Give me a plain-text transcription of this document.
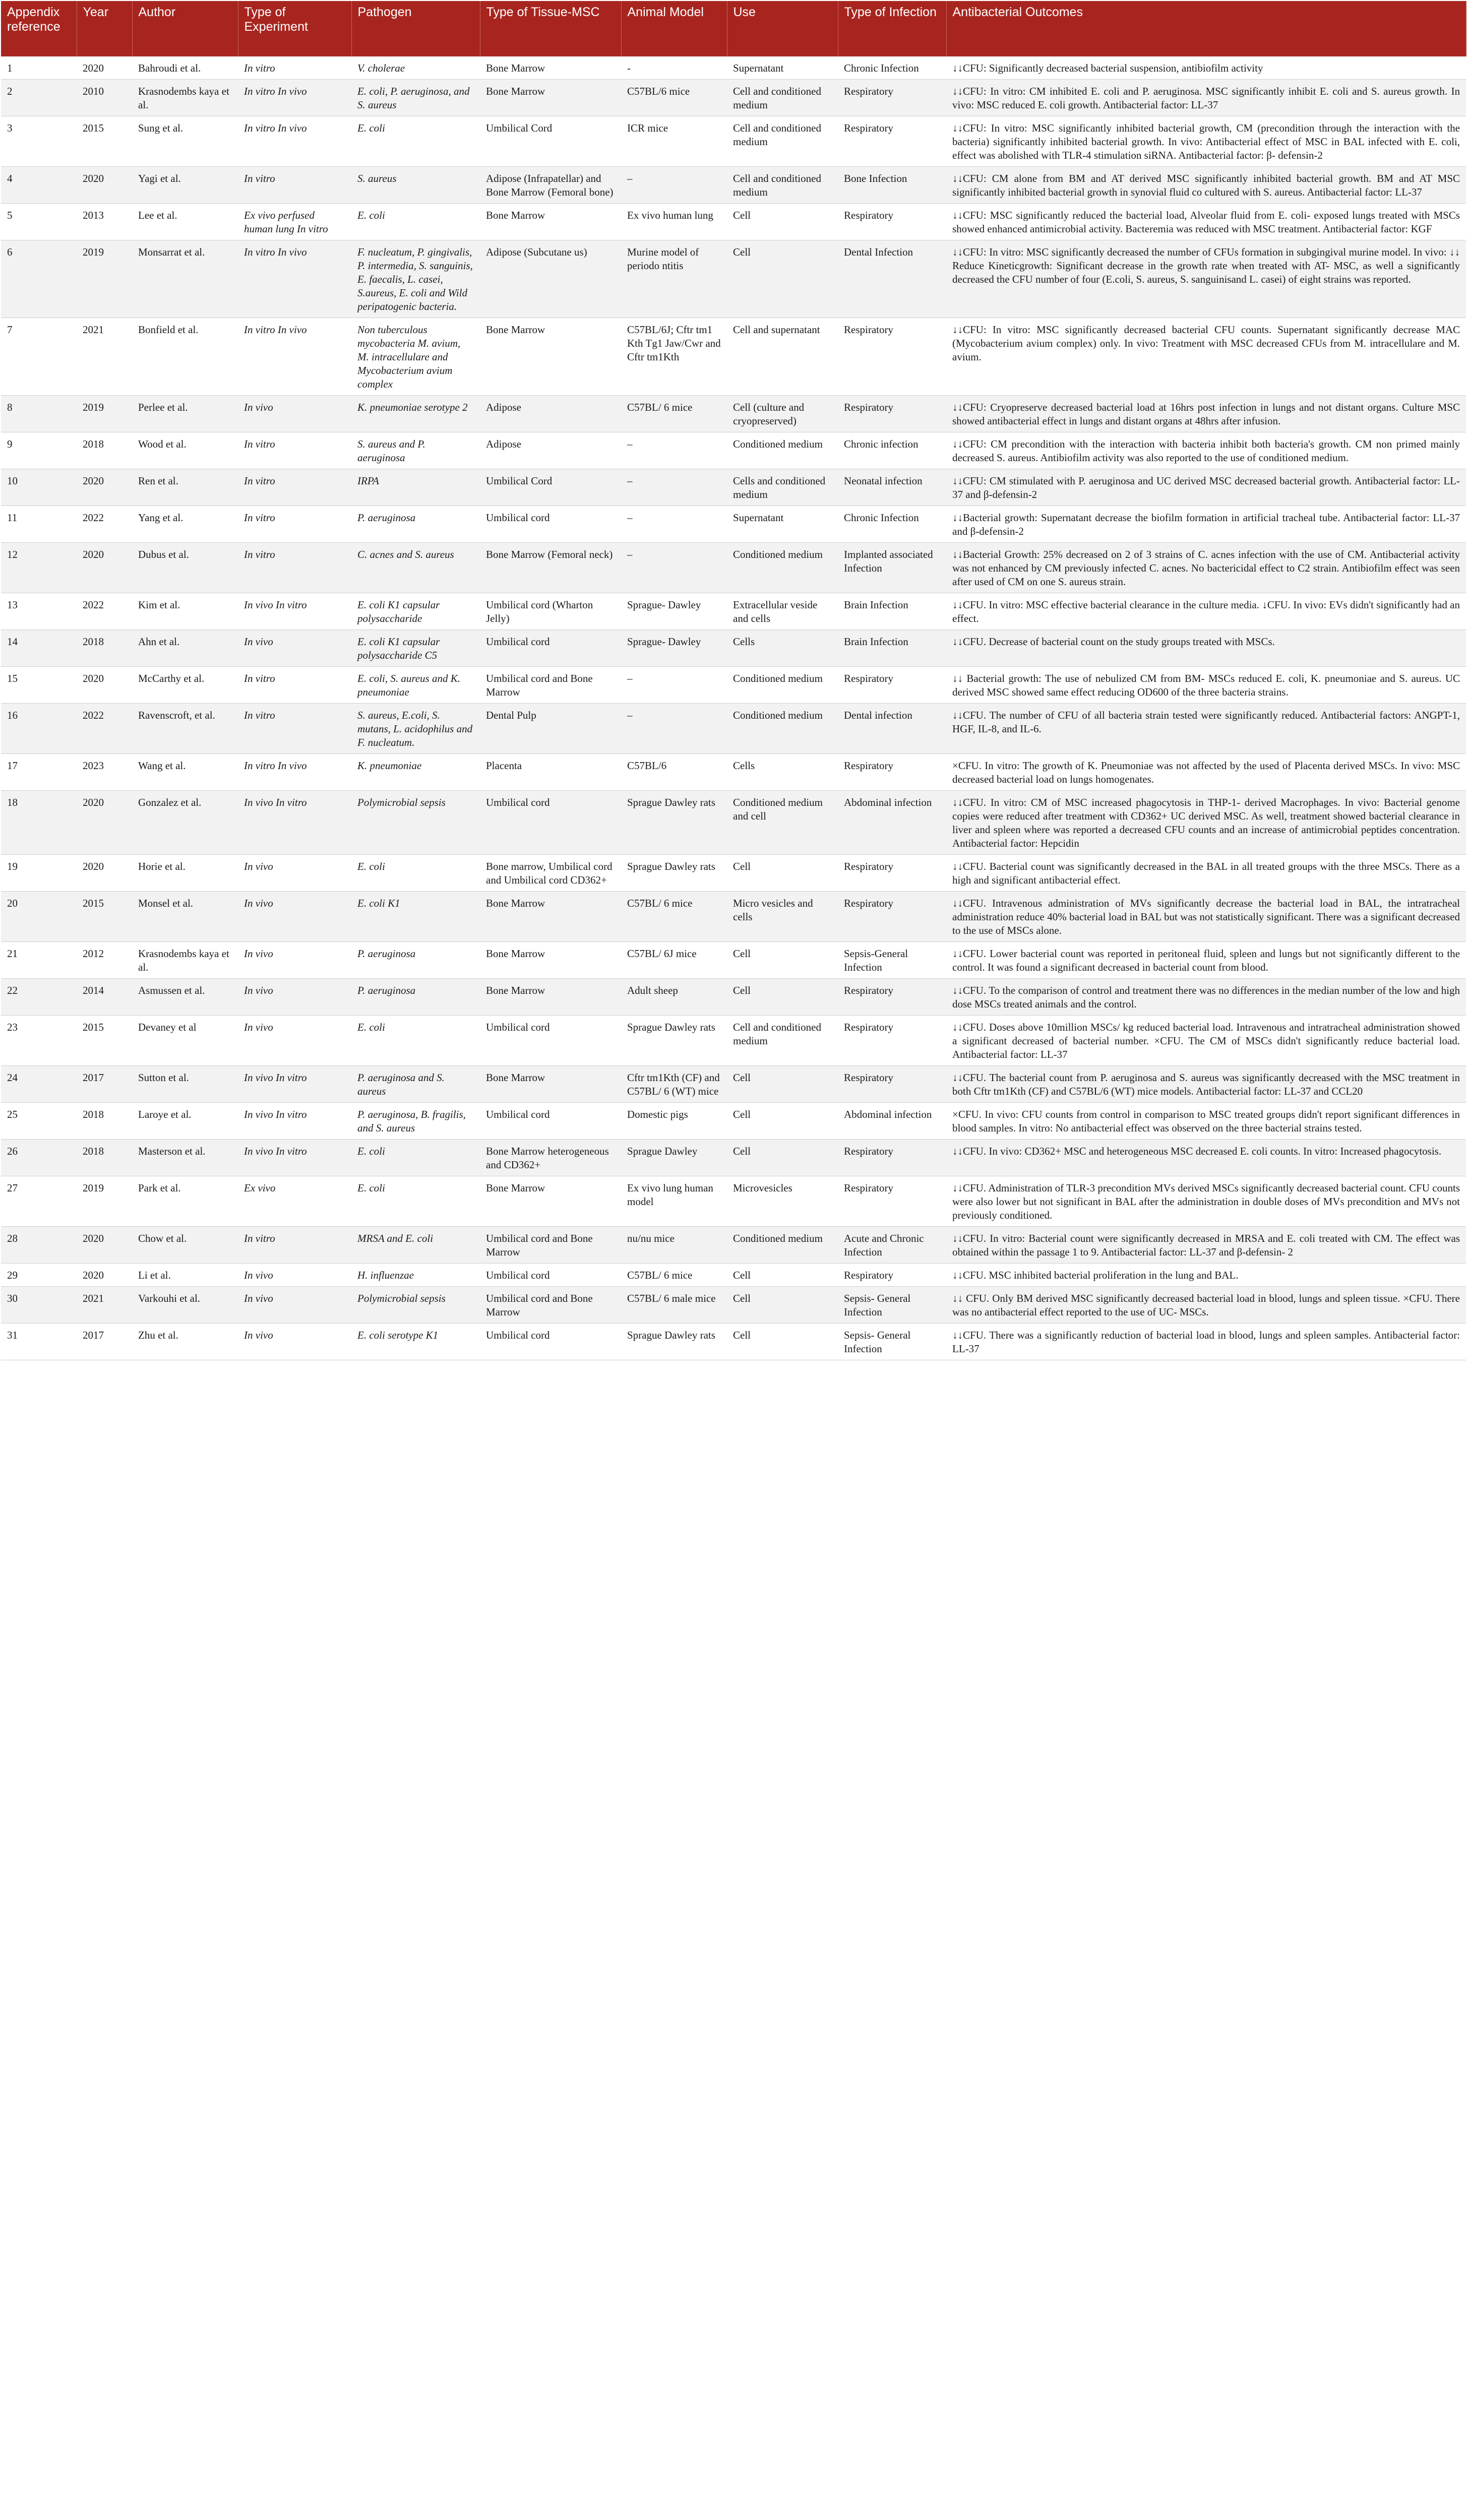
Appendix reference	Year	Author	Type of Experiment	Pathogen	Type of Tissue-MSC	Animal Model	Use	Type of Infection	Antibacterial Outcomes
1	2020	Bahroudi et al.	In vitro	V. cholerae	Bone Marrow	-	Supernatant	Chronic Infection	↓↓CFU: Significantly decreased bacterial suspension, antibiofilm activity
2	2010	Krasnodembs kaya et al.	In vitro In vivo	E. coli, P. aeruginosa, and S. aureus	Bone Marrow	C57BL/6 mice	Cell and conditioned medium	Respiratory	↓↓CFU: In vitro: CM inhibited E. coli and P. aeruginosa. MSC significantly inhibit E. coli and S. aureus growth. In vivo: MSC reduced E. coli growth. Antibacterial factor: LL-37
3	2015	Sung et al.	In vitro In vivo	E. coli	Umbilical Cord	ICR mice	Cell and conditioned medium	Respiratory	↓↓CFU: In vitro: MSC significantly inhibited bacterial growth, CM (precondition through the interaction with the bacteria) significantly inhibited bacterial growth. In vivo: Antibacterial effect of MSC in BAL infected with E. coli, effect was abolished with TLR-4 stimulation siRNA. Antibacterial factor: β- defensin-2
4	2020	Yagi et al.	In vitro	S. aureus	Adipose (Infrapatellar) and Bone Marrow (Femoral bone)	–	Cell and conditioned medium	Bone Infection	↓↓CFU: CM alone from BM and AT derived MSC significantly inhibited bacterial growth. BM and AT MSC significantly inhibited bacterial growth in synovial fluid co cultured with S. aureus. Antibacterial factor: LL-37
5	2013	Lee et al.	Ex vivo perfused human lung In vitro	E. coli	Bone Marrow	Ex vivo human lung	Cell	Respiratory	↓↓CFU: MSC significantly reduced the bacterial load, Alveolar fluid from E. coli- exposed lungs treated with MSCs showed enhanced antimicrobial activity. Bacteremia was reduced with MSC treatment. Antibacterial factor: KGF
6	2019	Monsarrat et al.	In vitro In vivo	F. nucleatum, P. gingivalis, P. intermedia, S. sanguinis, E. faecalis, L. casei, S.aureus, E. coli and Wild peripatogenic bacteria.	Adipose (Subcutane us)	Murine model of periodo ntitis	Cell	Dental Infection	↓↓CFU: In vitro: MSC significantly decreased the number of CFUs formation in subgingival murine model. In vivo: ↓↓ Reduce Kineticgrowth: Significant decrease in the growth rate when treated with AT- MSC, as well a significantly decreased the CFU number of four (E.coli, S. aureus, S. sanguinisand L. casei) of eight strains was reported.
7	2021	Bonfield et al.	In vitro In vivo	Non tuberculous mycobacteria M. avium, M. intracellulare and Mycobacterium avium complex	Bone Marrow	C57BL/6J; Cftr tm1 Kth Tg1 Jaw/Cwr and Cftr tm1Kth	Cell and supernatant	Respiratory	↓↓CFU: In vitro: MSC significantly decreased bacterial CFU counts. Supernatant significantly decrease MAC (Mycobacterium avium complex) only. In vivo: Treatment with MSC decreased CFUs from M. intracellulare and M. avium.
8	2019	Perlee et al.	In vivo	K. pneumoniae serotype 2	Adipose	C57BL/ 6 mice	Cell (culture and cryopreserved)	Respiratory	↓↓CFU: Cryopreserve decreased bacterial load at 16hrs post infection in lungs and not distant organs. Culture MSC showed antibacterial effect in lungs and distant organs at 48hrs after infusion.
9	2018	Wood et al.	In vitro	S. aureus and P. aeruginosa	Adipose	–	Conditioned medium	Chronic infection	↓↓CFU: CM precondition with the interaction with bacteria inhibit both bacteria's growth. CM non primed mainly decreased S. aureus. Antibiofilm activity was also reported to the use of conditioned medium.
10	2020	Ren et al.	In vitro	IRPA	Umbilical Cord	–	Cells and conditioned medium	Neonatal infection	↓↓CFU: CM stimulated with P. aeruginosa and UC derived MSC decreased bacterial growth. Antibacterial factor: LL-37 and β-defensin-2
11	2022	Yang et al.	In vitro	P. aeruginosa	Umbilical cord	–	Supernatant	Chronic Infection	↓↓Bacterial growth: Supernatant decrease the biofilm formation in artificial tracheal tube. Antibacterial factor: LL-37 and β-defensin-2
12	2020	Dubus et al.	In vitro	C. acnes and S. aureus	Bone Marrow (Femoral neck)	–	Conditioned medium	Implanted associated Infection	↓↓Bacterial Growth: 25% decreased on 2 of 3 strains of C. acnes infection with the use of CM. Antibacterial activity was not enhanced by CM previously infected C. acnes. No bactericidal effect to C2 strain. Antibiofilm effect was seen after used of CM on one S. aureus strain.
13	2022	Kim et al.	In vivo In vitro	E. coli K1 capsular polysaccharide	Umbilical cord (Wharton Jelly)	Sprague- Dawley	Extracellular veside and cells	Brain Infection	↓↓CFU. In vitro: MSC effective bacterial clearance in the culture media. ↓CFU. In vivo: EVs didn't significantly had an effect.
14	2018	Ahn et al.	In vivo	E. coli K1 capsular polysaccharide C5	Umbilical cord	Sprague- Dawley	Cells	Brain Infection	↓↓CFU. Decrease of bacterial count on the study groups treated with MSCs.
15	2020	McCarthy et al.	In vitro	E. coli, S. aureus and K. pneumoniae	Umbilical cord and Bone Marrow	–	Conditioned medium	Respiratory	↓↓ Bacterial growth: The use of nebulized CM from BM- MSCs reduced E. coli, K. pneumoniae and S. aureus. UC derived MSC showed same effect reducing OD600 of the three bacteria strains.
16	2022	Ravenscroft, et al.	In vitro	S. aureus, E.coli, S. mutans, L. acidophilus and F. nucleatum.	Dental Pulp	–	Conditioned medium	Dental infection	↓↓CFU. The number of CFU of all bacteria strain tested were significantly reduced. Antibacterial factors: ANGPT-1, HGF, IL-8, and IL-6.
17	2023	Wang et al.	In vitro In vivo	K. pneumoniae	Placenta	C57BL/6	Cells	Respiratory	×CFU. In vitro: The growth of K. Pneumoniae was not affected by the used of Placenta derived MSCs. In vivo: MSC decreased bacterial load on lungs homogenates.
18	2020	Gonzalez et al.	In vivo In vitro	Polymicrobial sepsis	Umbilical cord	Sprague Dawley rats	Conditioned medium and cell	Abdominal infection	↓↓CFU. In vitro: CM of MSC increased phagocytosis in THP-1- derived Macrophages. In vivo: Bacterial genome copies were reduced after treatment with CD362+ UC derived MSC. As well, treatment showed bacterial clearance in liver and spleen where was reported a decreased CFU counts and an increase of antimicrobial peptides concentration. Antibacterial factor: Hepcidin
19	2020	Horie et al.	In vivo	E. coli	Bone marrow, Umbilical cord and Umbilical cord CD362+	Sprague Dawley rats	Cell	Respiratory	↓↓CFU. Bacterial count was significantly decreased in the BAL in all treated groups with the three MSCs. There as a high and significant antibacterial effect.
20	2015	Monsel et al.	In vivo	E. coli K1	Bone Marrow	C57BL/ 6 mice	Micro vesicles and cells	Respiratory	↓↓CFU. Intravenous administration of MVs significantly decrease the bacterial load in BAL, the intratracheal administration reduce 40% bacterial load in BAL but was not statistically significant. There was a significant decreased to the use of MSCs alone.
21	2012	Krasnodembs kaya et al.	In vivo	P. aeruginosa	Bone Marrow	C57BL/ 6J mice	Cell	Sepsis-General Infection	↓↓CFU. Lower bacterial count was reported in peritoneal fluid, spleen and lungs but not significantly different to the control. It was found a significant decreased in bacterial count from blood.
22	2014	Asmussen et al.	In vivo	P. aeruginosa	Bone Marrow	Adult sheep	Cell	Respiratory	↓↓CFU. To the comparison of control and treatment there was no differences in the median number of the low and high dose MSCs treated animals and the control.
23	2015	Devaney et al	In vivo	E. coli	Umbilical cord	Sprague Dawley rats	Cell and conditioned medium	Respiratory	↓↓CFU. Doses above 10million MSCs/ kg reduced bacterial load. Intravenous and intratracheal administration showed a significant decreased of bacterial number. ×CFU. The CM of MSCs didn't significantly reduce bacterial load. Antibacterial factor: LL-37
24	2017	Sutton et al.	In vivo In vitro	P. aeruginosa and S. aureus	Bone Marrow	Cftr tm1Kth (CF) and C57BL/ 6 (WT) mice	Cell	Respiratory	↓↓CFU. The bacterial count from P. aeruginosa and S. aureus was significantly decreased with the MSC treatment in both Cftr tm1Kth (CF) and C57BL/6 (WT) mice models. Antibacterial factor: LL-37 and CCL20
25	2018	Laroye et al.	In vivo In vitro	P. aeruginosa, B. fragilis, and S. aureus	Umbilical cord	Domestic pigs	Cell	Abdominal infection	×CFU. In vivo: CFU counts from control in comparison to MSC treated groups didn't report significant differences in blood samples. In vitro: No antibacterial effect was observed on the three bacterial strains tested.
26	2018	Masterson et al.	In vivo In vitro	E. coli	Bone Marrow heterogeneous and CD362+	Sprague Dawley	Cell	Respiratory	↓↓CFU. In vivo: CD362+ MSC and heterogeneous MSC decreased E. coli counts. In vitro: Increased phagocytosis.
27	2019	Park et al.	Ex vivo	E. coli	Bone Marrow	Ex vivo lung human model	Microvesicles	Respiratory	↓↓CFU. Administration of TLR-3 precondition MVs derived MSCs significantly decreased bacterial count. CFU counts were also lower but not significant in BAL after the administration in double doses of MVs precondition and MVs not previously conditioned.
28	2020	Chow et al.	In vitro	MRSA and E. coli	Umbilical cord and Bone Marrow	nu/nu mice	Conditioned medium	Acute and Chronic Infection	↓↓CFU. In vitro: Bacterial count were significantly decreased in MRSA and E. coli treated with CM. The effect was obtained within the passage 1 to 9. Antibacterial factor: LL-37 and β-defensin- 2
29	2020	Li et al.	In vivo	H. influenzae	Umbilical cord	C57BL/ 6 mice	Cell	Respiratory	↓↓CFU. MSC inhibited bacterial proliferation in the lung and BAL.
30	2021	Varkouhi et al.	In vivo	Polymicrobial sepsis	Umbilical cord and Bone Marrow	C57BL/ 6 male mice	Cell	Sepsis- General Infection	↓↓ CFU. Only BM derived MSC significantly decreased bacterial load in blood, lungs and spleen tissue. ×CFU. There was no antibacterial effect reported to the use of UC- MSCs.
31	2017	Zhu et al.	In vivo	E. coli serotype K1	Umbilical cord	Sprague Dawley rats	Cell	Sepsis- General Infection	↓↓CFU. There was a significantly reduction of bacterial load in blood, lungs and spleen samples. Antibacterial factor: LL-37
